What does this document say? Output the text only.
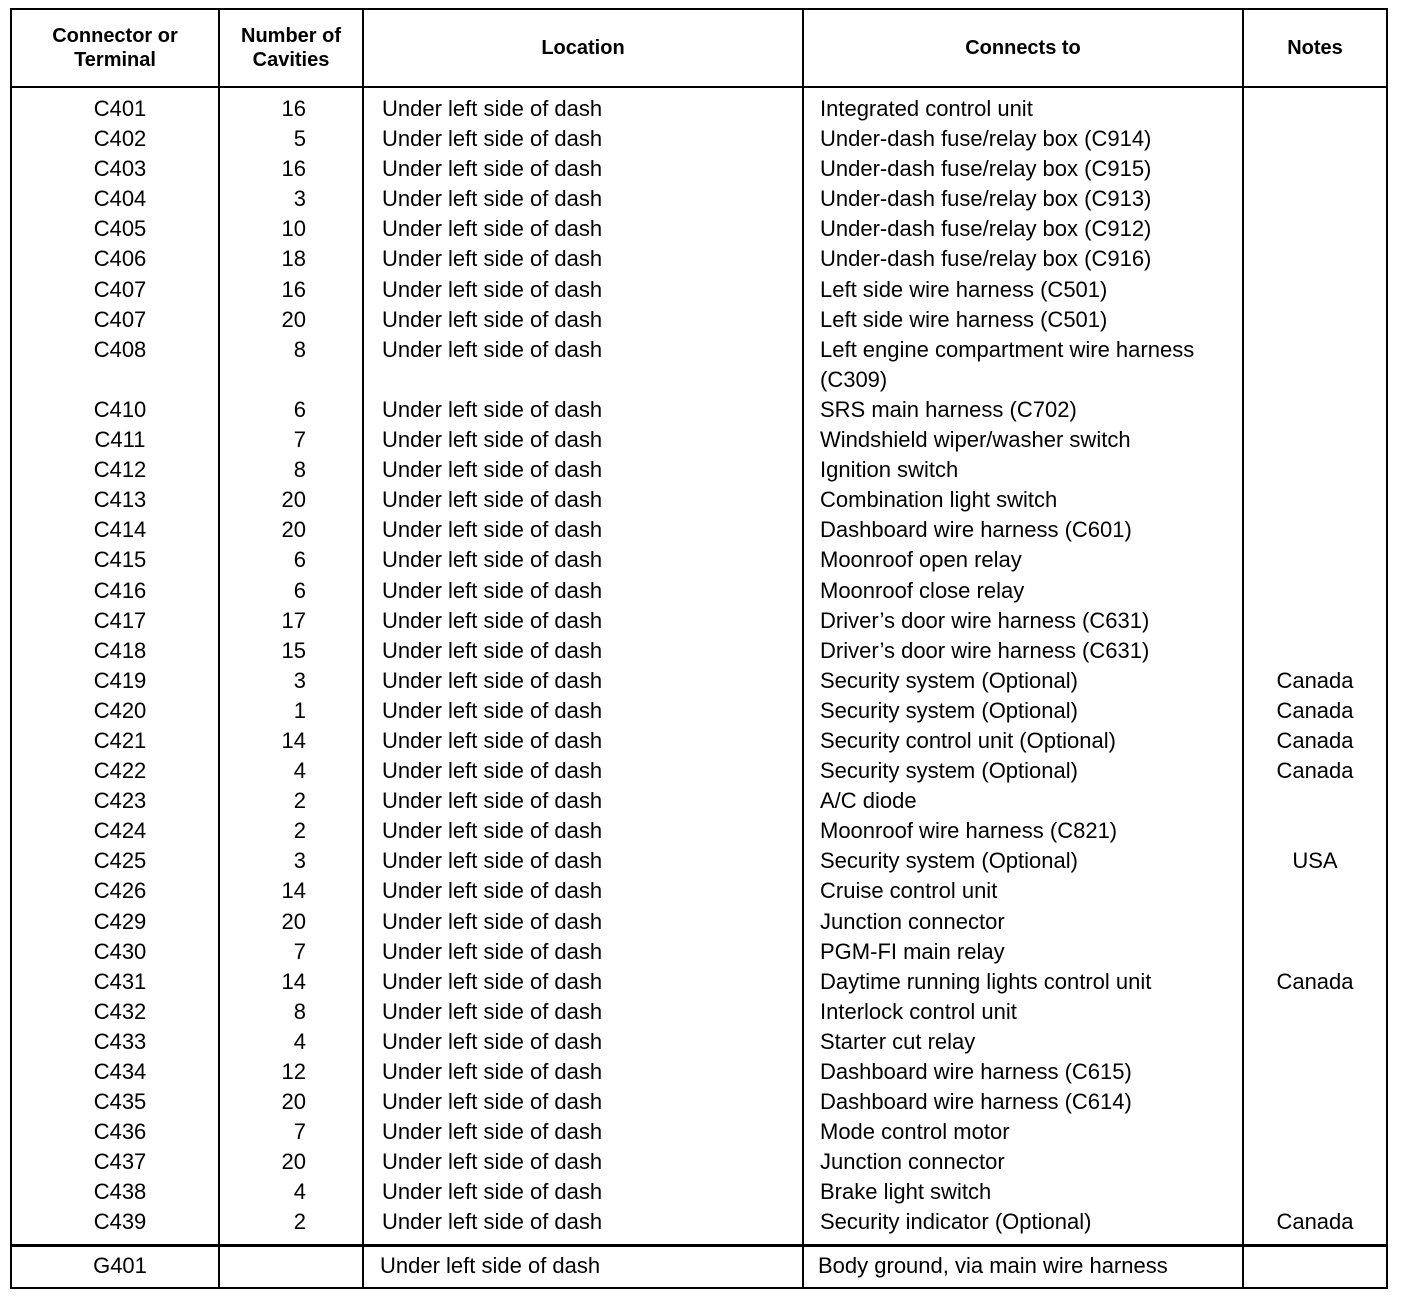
Connector or Terminal	Number of Cavities	Location	Connects to	Notes
C401	16	Under left side of dash	Integrated control unit	
C402	5	Under left side of dash	Under-dash fuse/relay box (C914)	
C403	16	Under left side of dash	Under-dash fuse/relay box (C915)	
C404	3	Under left side of dash	Under-dash fuse/relay box (C913)	
C405	10	Under left side of dash	Under-dash fuse/relay box (C912)	
C406	18	Under left side of dash	Under-dash fuse/relay box (C916)	
C407	16	Under left side of dash	Left side wire harness (C501)	
C407	20	Under left side of dash	Left side wire harness (C501)	
C408	8	Under left side of dash	Left engine compartment wire harness (C309)	
C410	6	Under left side of dash	SRS main harness (C702)	
C411	7	Under left side of dash	Windshield wiper/washer switch	
C412	8	Under left side of dash	Ignition switch	
C413	20	Under left side of dash	Combination light switch	
C414	20	Under left side of dash	Dashboard wire harness (C601)	
C415	6	Under left side of dash	Moonroof open relay	
C416	6	Under left side of dash	Moonroof close relay	
C417	17	Under left side of dash	Driver’s door wire harness (C631)	
C418	15	Under left side of dash	Driver’s door wire harness (C631)	
C419	3	Under left side of dash	Security system (Optional)	Canada
C420	1	Under left side of dash	Security system (Optional)	Canada
C421	14	Under left side of dash	Security control unit (Optional)	Canada
C422	4	Under left side of dash	Security system (Optional)	Canada
C423	2	Under left side of dash	A/C diode	
C424	2	Under left side of dash	Moonroof wire harness (C821)	
C425	3	Under left side of dash	Security system (Optional)	USA
C426	14	Under left side of dash	Cruise control unit	
C429	20	Under left side of dash	Junction connector	
C430	7	Under left side of dash	PGM-FI main relay	
C431	14	Under left side of dash	Daytime running lights control unit	Canada
C432	8	Under left side of dash	Interlock control unit	
C433	4	Under left side of dash	Starter cut relay	
C434	12	Under left side of dash	Dashboard wire harness (C615)	
C435	20	Under left side of dash	Dashboard wire harness (C614)	
C436	7	Under left side of dash	Mode control motor	
C437	20	Under left side of dash	Junction connector	
C438	4	Under left side of dash	Brake light switch	
C439	2	Under left side of dash	Security indicator (Optional)	Canada
G401		Under left side of dash	Body ground, via main wire harness	
